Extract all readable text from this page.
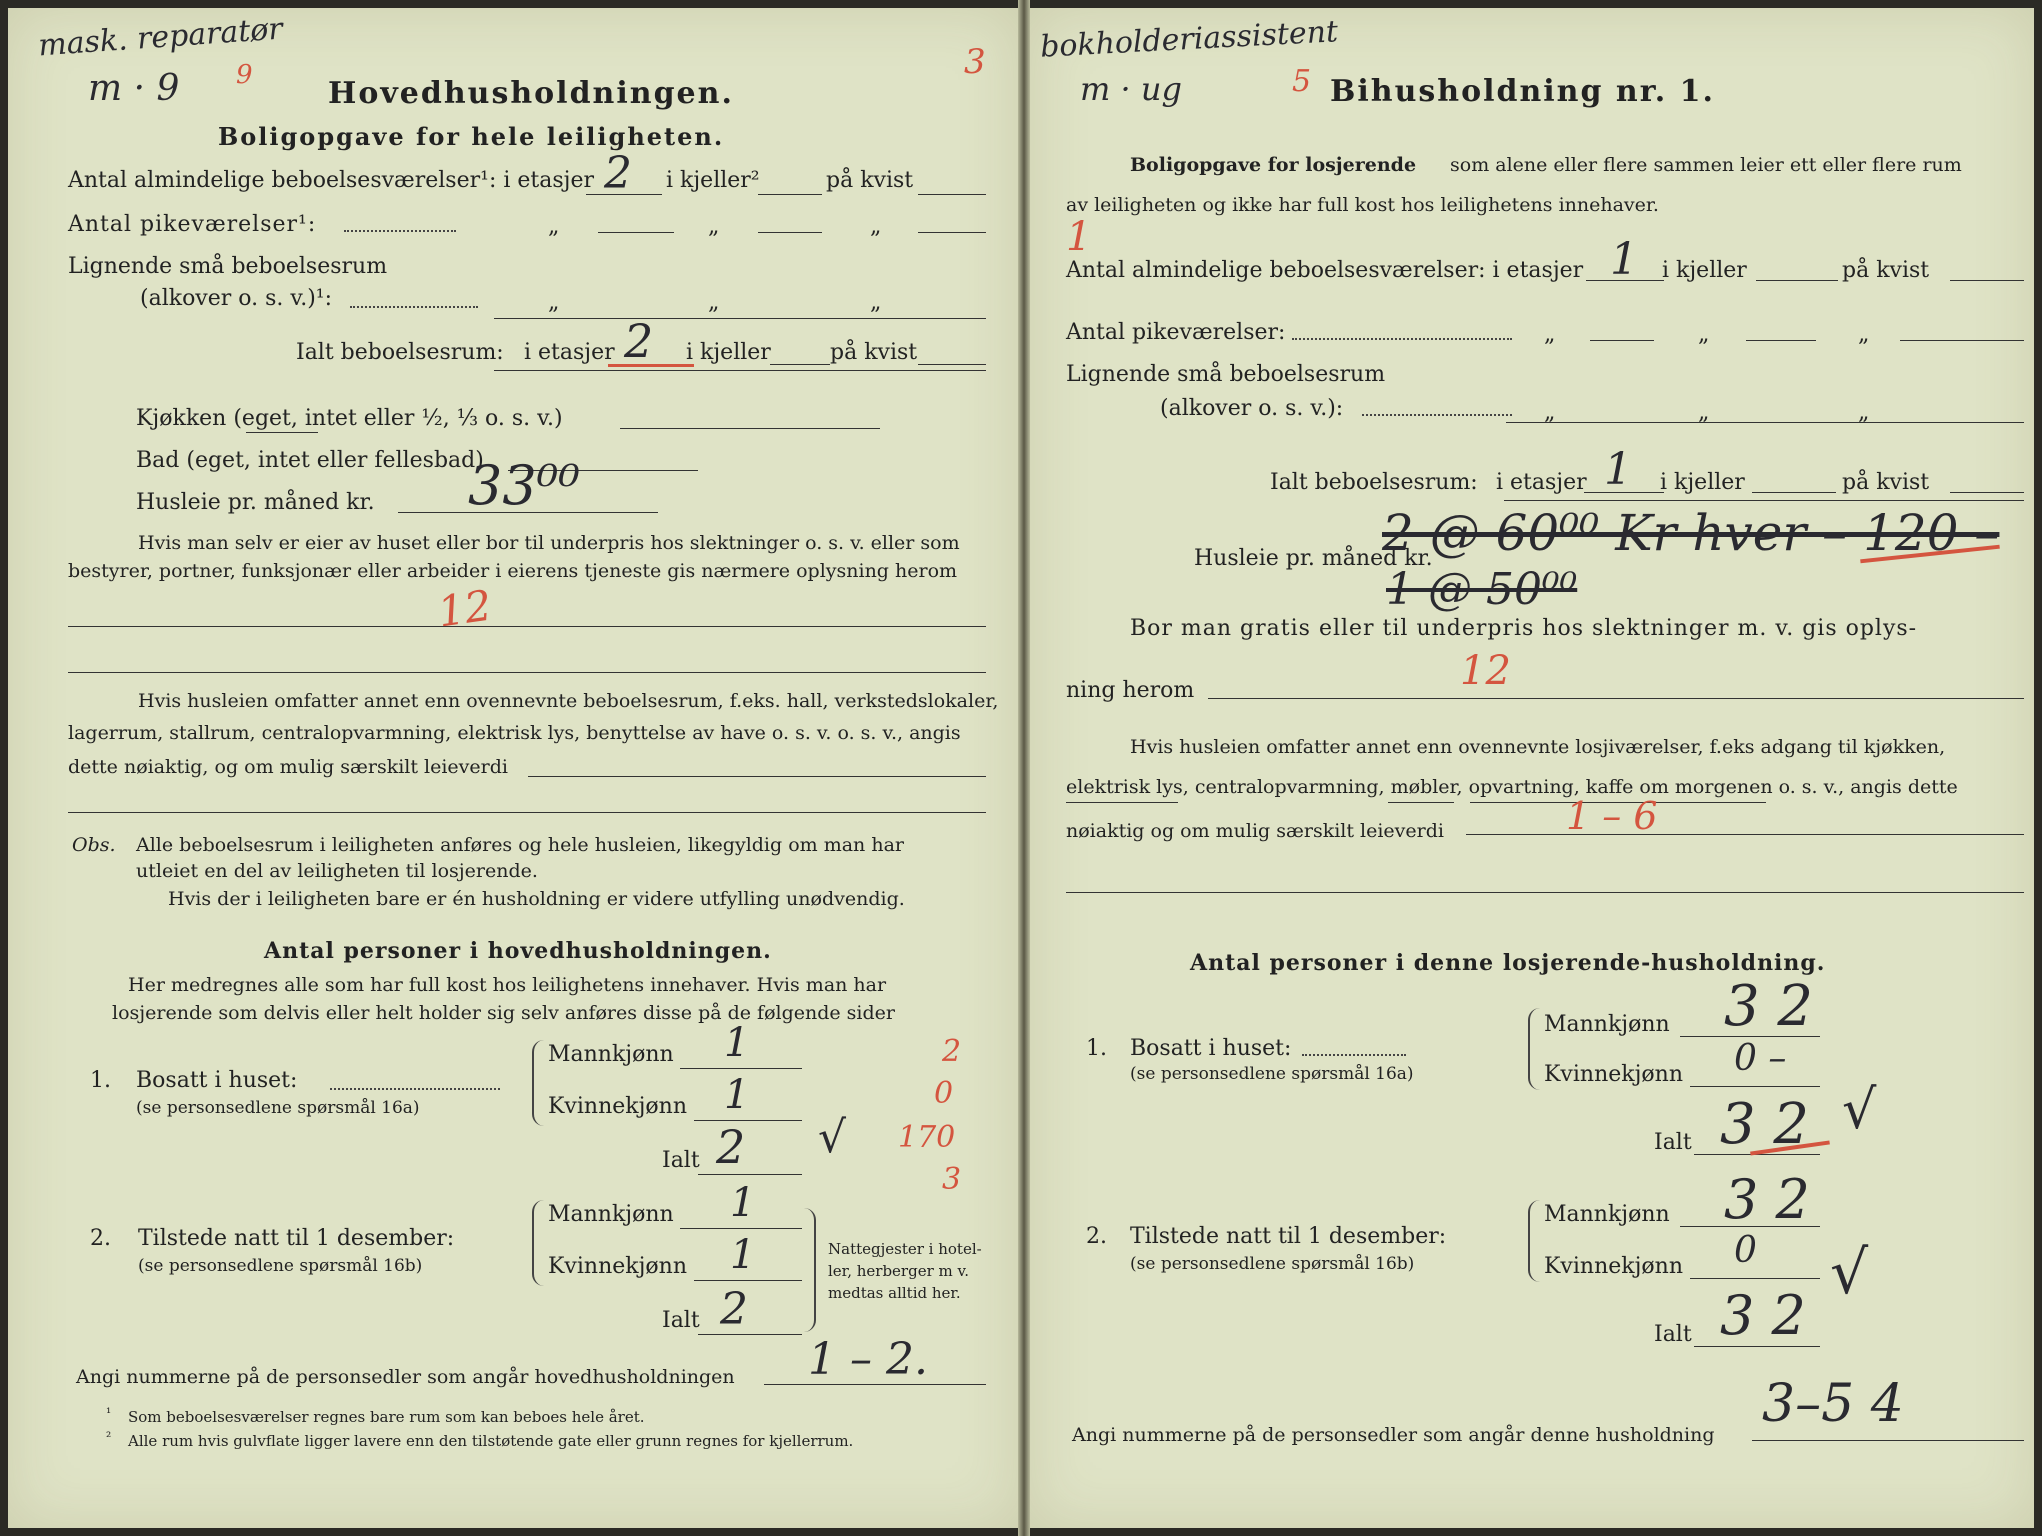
mask. reparatør
m · 9 9	3
Hovedhusholdningen.
Boligopgave for hele leiligheten.
Antal almindelige beboelsesværelser¹: i etasjer 2 i kjeller²	på kvist
Antal pikeværelser¹:	„	„	„
Lignende små beboelsesrum
(alkover o. s. v.)¹:	„	„	„
Ialt beboelsesrum: i etasjer 2 i kjeller	på kvist
Kjøkken (eget, intet eller ½, ⅓ o. s. v.)
Bad (eget, intet eller fellesbad)
Husleie pr. måned kr. 33⁰⁰
Hvis man selv er eier av huset eller bor til underpris hos slektninger o. s. v. eller som
bestyrer, portner, funksjonær eller arbeider i eierens tjeneste gis nærmere oplysning herom
12
Hvis husleien omfatter annet enn ovennevnte beboelsesrum, f.eks. hall, verkstedslokaler,
lagerrum, stallrum, centralopvarmning, elektrisk lys, benyttelse av have o. s. v. o. s. v., angis
dette nøiaktig, og om mulig særskilt leieverdi
Obs. Alle beboelsesrum i leiligheten anføres og hele husleien, likegyldig om man har
utleiet en del av leiligheten til losjerende.
Hvis der i leiligheten bare er én husholdning er videre utfylling unødvendig.
Antal personer i hovedhusholdningen.
Her medregnes alle som har full kost hos leilighetens innehaver. Hvis man har
losjerende som delvis eller helt holder sig selv anføres disse på de følgende sider
1. Bosatt i huset:
(se personsedlene spørsmål 16a)
Mannkjønn 1
Kvinnekjønn 1
Ialt 2 √
2
0
170
3
2. Tilstede natt til 1 desember:
(se personsedlene spørsmål 16b)
Mannkjønn 1
Kvinnekjønn 1
Ialt 2
Nattegjester i hotel-
ler, herberger m v.
medtas alltid her.
Angi nummerne på de personsedler som angår hovedhusholdningen 1 – 2.
¹ Som beboelsesværelser regnes bare rum som kan beboes hele året.
² Alle rum hvis gulvflate ligger lavere enn den tilstøtende gate eller grunn regnes for kjellerrum.
bokholderiassistent
m · ug	5 Bihusholdning nr. 1.
Boligopgave for losjerende som alene eller flere sammen leier ett eller flere rum
av leiligheten og ikke har full kost hos leilighetens innehaver.
1
Antal almindelige beboelsesværelser: i etasjer 1 i kjeller	på kvist
Antal pikeværelser:	„	„	„
Lignende små beboelsesrum
(alkover o. s. v.):	„	„	„
Ialt beboelsesrum: i etasjer 1 i kjeller	på kvist
Husleie pr. måned kr.
2 @ 60⁰⁰ Kr hver – 120 –
1 @ 50⁰⁰
Bor man gratis eller til underpris hos slektninger m. v. gis oplys-
ning herom	12
Hvis husleien omfatter annet enn ovennevnte losjiværelser, f.eks adgang til kjøkken,
elektrisk lys, centralopvarmning, møbler, opvartning, kaffe om morgenen o. s. v., angis dette
nøiaktig og om mulig særskilt leieverdi	1 – 6
Antal personer i denne losjerende-husholdning.
1. Bosatt i huset:
(se personsedlene spørsmål 16a)
Mannkjønn 3 2
Kvinnekjønn 0 –
Ialt 3 2 √
2. Tilstede natt til 1 desember:
(se personsedlene spørsmål 16b)
Mannkjønn 3 2
Kvinnekjønn 0
Ialt 3 2
√
Angi nummerne på de personsedler som angår denne husholdning
3–5 4
